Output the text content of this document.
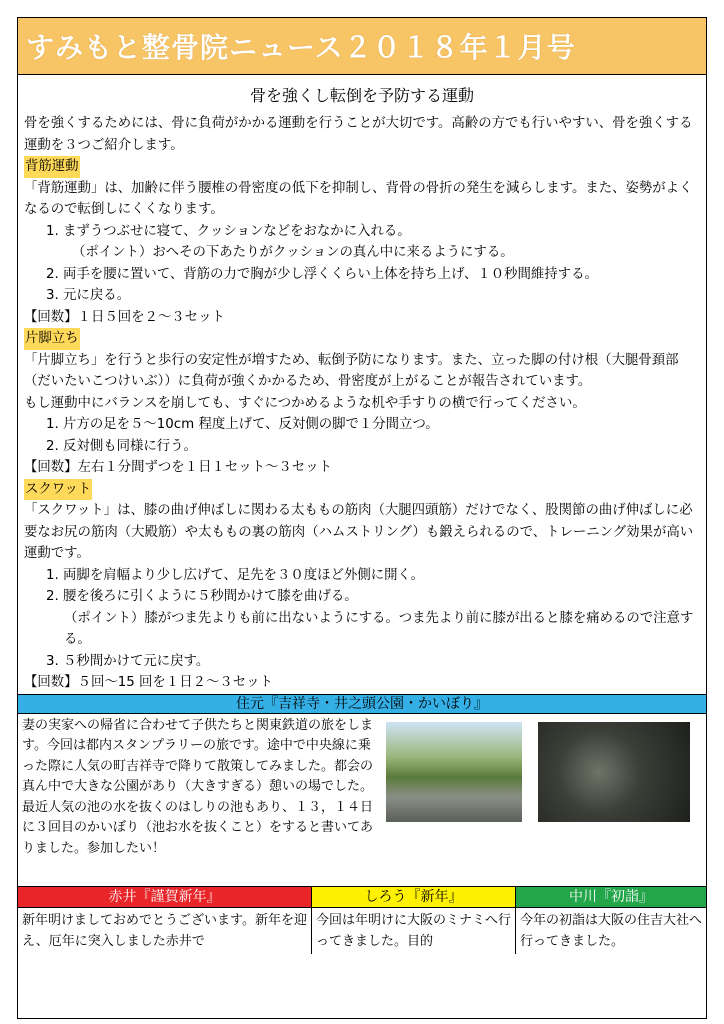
すみもと整骨院ニュース２０１８年１月号
骨を強くし転倒を予防する運動

骨を強くするためには、骨に負荷がかかる運動を行うことが大切です。高齢の方でも行いやすい、骨を強くする運動を３つご紹介します。

背筋運動

「背筋運動」は、加齢に伴う腰椎の骨密度の低下を抑制し、背骨の骨折の発生を減らします。また、姿勢がよくなるので転倒しにくくなります。

1. まずうつぶせに寝て、クッションなどをおなかに入れる。

（ポイント）おへその下あたりがクッションの真ん中に来るようにする。

2. 両手を腰に置いて、背筋の力で胸が少し浮くくらい上体を持ち上げ、１０秒間維持する。

3. 元に戻る。

【回数】１日５回を２～３セット

片脚立ち

「片脚立ち」を行うと歩行の安定性が増すため、転倒予防になります。また、立った脚の付け根（大腿骨頚部（だいたいこつけいぶ））に負荷が強くかかるため、骨密度が上がることが報告されています。

もし運動中にバランスを崩しても、すぐにつかめるような机や手すりの横で行ってください。

1. 片方の足を５～10cm 程度上げて、反対側の脚で１分間立つ。

2. 反対側も同様に行う。

【回数】左右１分間ずつを１日１セット～３セット

スクワット

「スクワット」は、膝の曲げ伸ばしに関わる太ももの筋肉（大腿四頭筋）だけでなく、股関節の曲げ伸ばしに必要なお尻の筋肉（大殿筋）や太ももの裏の筋肉（ハムストリング）も鍛えられるので、トレーニング効果が高い運動です。

1. 両脚を肩幅より少し広げて、足先を３０度ほど外側に開く。

2. 腰を後ろに引くように５秒間かけて膝を曲げる。

（ポイント）膝がつま先よりも前に出ないようにする。つま先より前に膝が出ると膝を痛めるので注意する。

3. ５秒間かけて元に戻す。

【回数】５回～15 回を１日２～３セット

住元『吉祥寺・井之頭公園・かいぼり』
妻の実家への帰省に合わせて子供たちと関東鉄道の旅をします。今回は都内スタンプラリーの旅です。途中で中央線に乗った際に人気の町吉祥寺で降りて散策してみました。都会の真ん中で大きな公園があり（大きすぎる）憩いの場でした。最近人気の池の水を抜くのはしりの池もあり、１３，１４日に３回目のかいぼり（池お水を抜くこと）をすると書いてありました。参加したい！
赤井『謹賀新年』
新年明けましておめでとうございます。新年を迎え、厄年に突入しました赤井で
しろう『新年』
今回は年明けに大阪のミナミへ行ってきました。目的
中川『初詣』
今年の初詣は大阪の住吉大社へ行ってきました。
